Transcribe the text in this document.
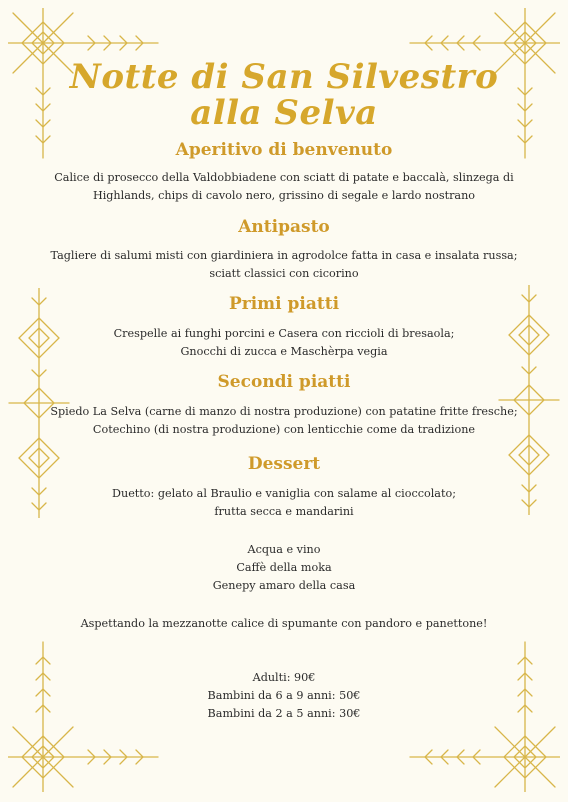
Notte di San Silvestro
alla Selva
Aperitivo di benvenuto
Calice di prosecco della Valdobbiadene con sciatt di patate e baccalà, slinzega di
Highlands, chips di cavolo nero, grissino di segale e lardo nostrano
Antipasto
Tagliere di salumi misti con giardiniera in agrodolce fatta in casa e insalata russa;
sciatt classici con cicorino
Primi piatti
Crespelle ai funghi porcini e Casera con riccioli di bresaola;
Gnocchi di zucca e Maschèrpa vegia
Secondi piatti
Spiedo La Selva (carne di manzo di nostra produzione) con patatine fritte fresche;
Cotechino (di nostra produzione) con lenticchie come da tradizione
Dessert
Duetto: gelato al Braulio e vaniglia con salame al cioccolato;
frutta secca e mandarini
Acqua e vino
Caffè della moka
Genepy amaro della casa
Aspettando la mezzanotte calice di spumante con pandoro e panettone!
Adulti: 90€
Bambini da 6 a 9 anni: 50€
Bambini da 2 a 5 anni: 30€
